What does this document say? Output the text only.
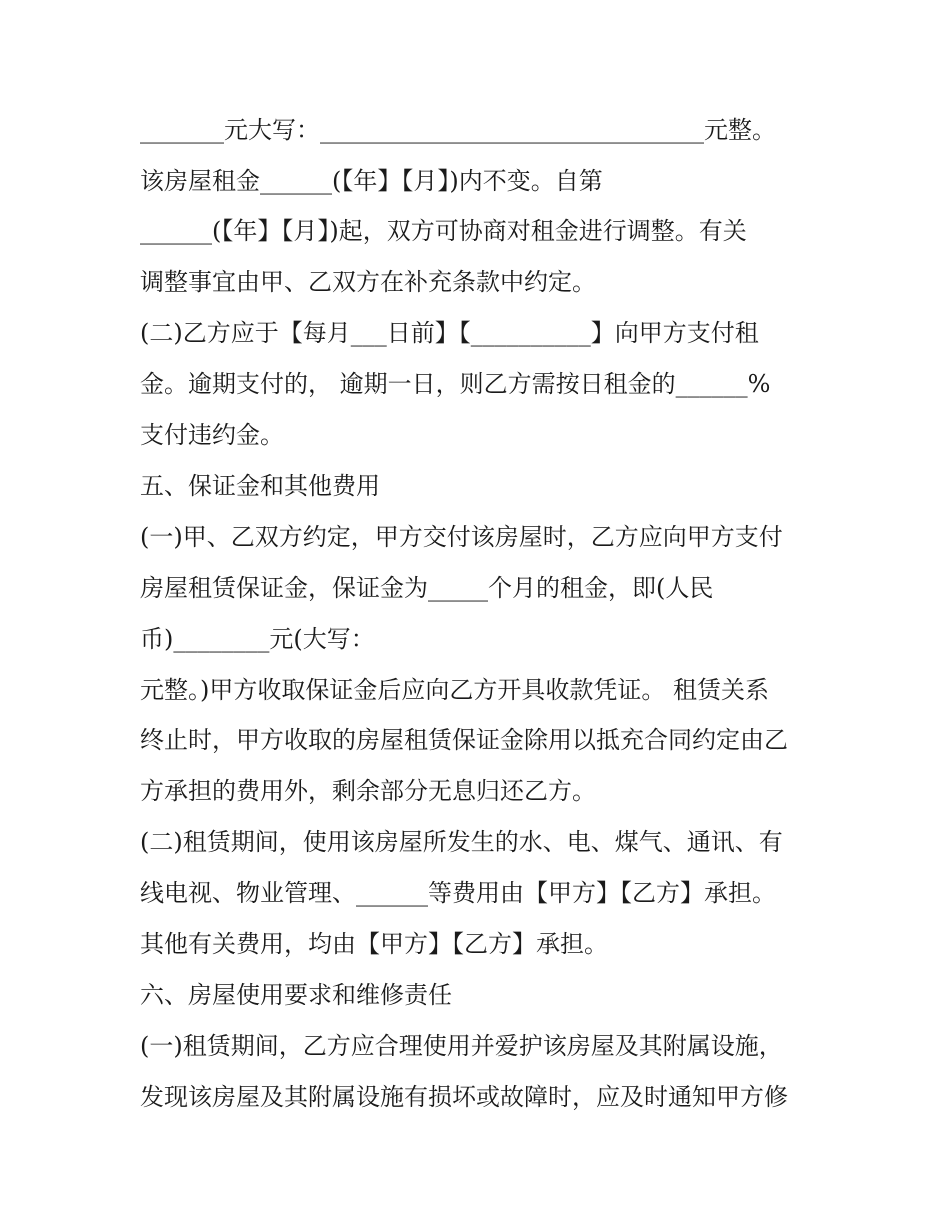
_______元大写：________________________________元整。

该房屋租金______(【年】【月】)内不变。自第

______(【年】【月】)起，双方可协商对租金进行调整。有关

调整事宜由甲、乙双方在补充条款中约定。

(二)乙方应于【每月___日前】【__________】向甲方支付租

金。逾期支付的， 逾期一日，则乙方需按日租金的______%

支付违约金。

五、保证金和其他费用

(一)甲、乙双方约定，甲方交付该房屋时，乙方应向甲方支付

房屋租赁保证金，保证金为_____个月的租金，即(人民

币)________元(大写：

元整。)甲方收取保证金后应向乙方开具收款凭证。 租赁关系

终止时，甲方收取的房屋租赁保证金除用以抵充合同约定由乙

方承担的费用外，剩余部分无息归还乙方。

(二)租赁期间，使用该房屋所发生的水、电、煤气、通讯、有

线电视、物业管理、______等费用由【甲方】【乙方】承担。

其他有关费用，均由【甲方】【乙方】承担。

六、房屋使用要求和维修责任

(一)租赁期间，乙方应合理使用并爱护该房屋及其附属设施，

发现该房屋及其附属设施有损坏或故障时，应及时通知甲方修
